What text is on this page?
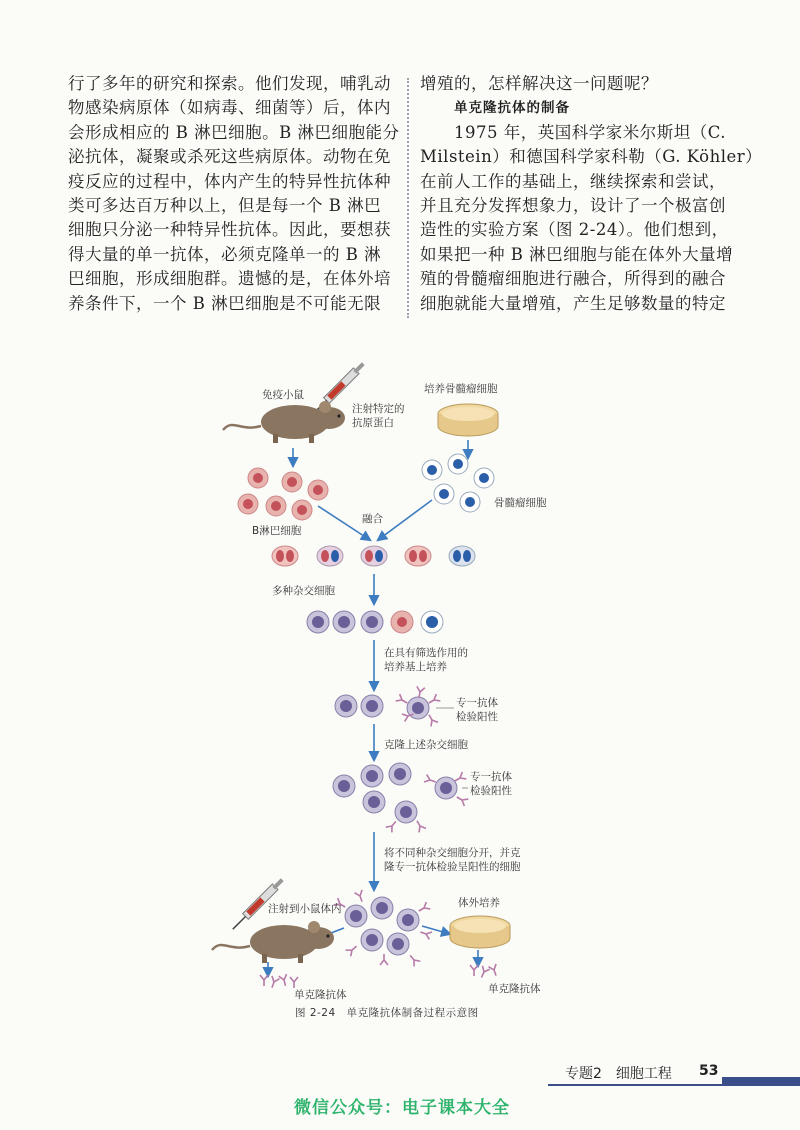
行了多年的研究和探索。他们发现，哺乳动

物感染病原体（如病毒、细菌等）后，体内

会形成相应的 B 淋巴细胞。B 淋巴细胞能分

泌抗体，凝聚或杀死这些病原体。动物在免

疫反应的过程中，体内产生的特异性抗体种

类可多达百万种以上，但是每一个 B 淋巴

细胞只分泌一种特异性抗体。因此，要想获

得大量的单一抗体，必须克隆单一的 B 淋

巴细胞，形成细胞群。遗憾的是，在体外培

养条件下，一个 B 淋巴细胞是不可能无限

增殖的，怎样解决这一问题呢？

单克隆抗体的制备

　　1975 年，英国科学家米尔斯坦（C.

Milstein）和德国科学家科勒（G. Köhler）

在前人工作的基础上，继续探索和尝试，

并且充分发挥想象力，设计了一个极富创

造性的实验方案（图 2-24）。他们想到，

如果把一种 B 淋巴细胞与能在体外大量增

殖的骨髓瘤细胞进行融合，所得到的融合

细胞就能大量增殖，产生足够数量的特定

免疫小鼠
注射特定的
抗原蛋白
培养骨髓瘤细胞
B淋巴细胞
骨髓瘤细胞
融合
多种杂交细胞
在具有筛选作用的
培养基上培养
专一抗体
检验阳性
克隆上述杂交细胞
专一抗体
检验阳性
将不同种杂交细胞分开，并克
隆专一抗体检验呈阳性的细胞
注射到小鼠体内	体外培养
单克隆抗体	单克隆抗体
图 2-24　单克隆抗体制备过程示意图
专题2　细胞工程 53
微信公众号：电子课本大全
